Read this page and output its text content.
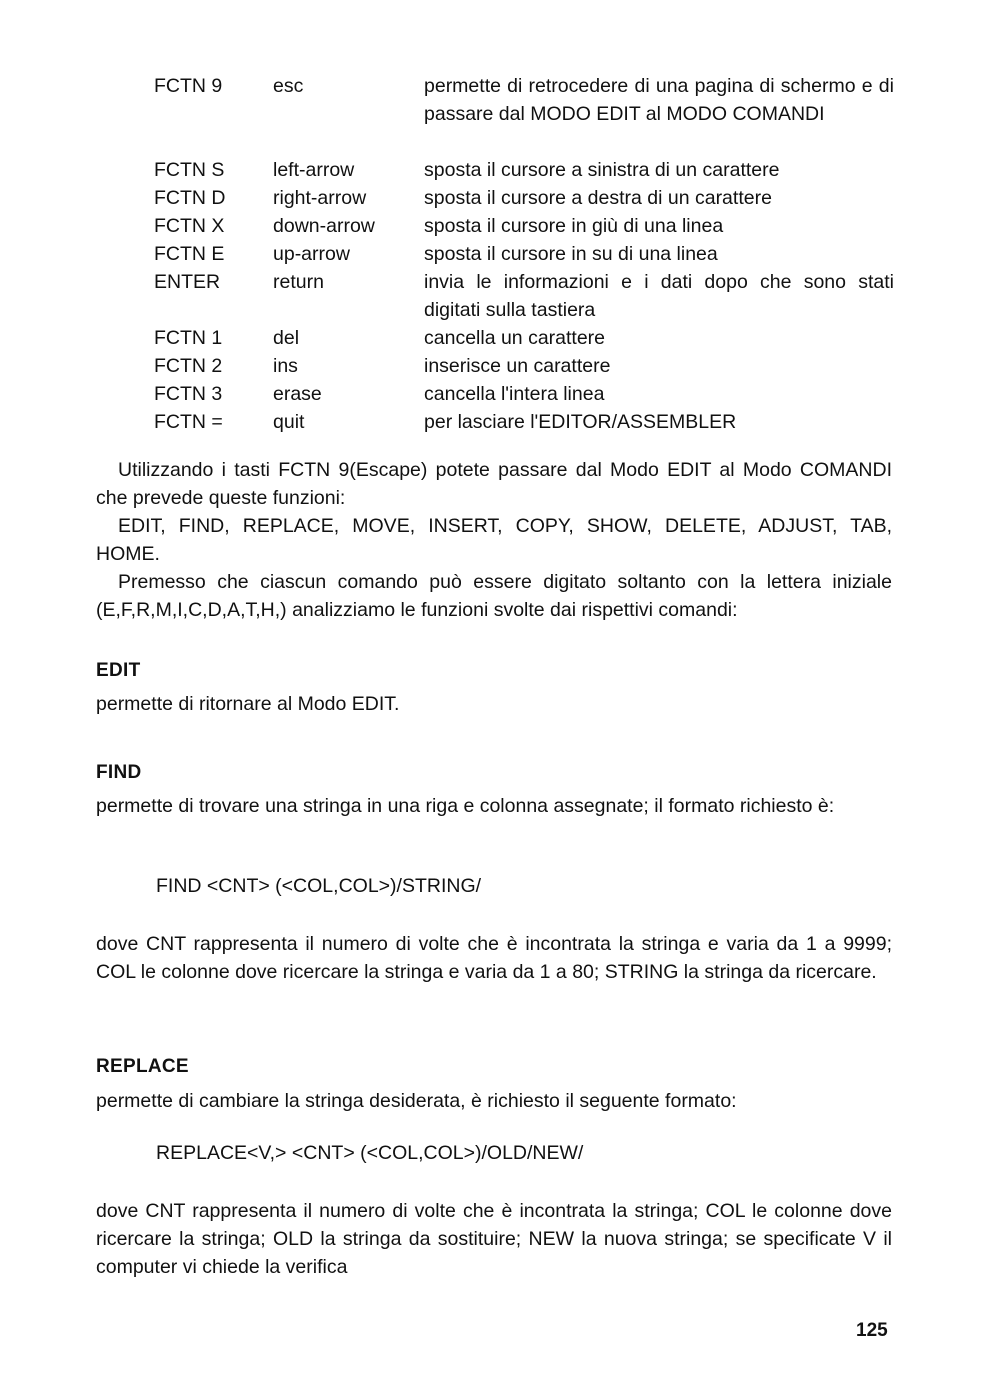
FCTN 9	esc	permette di retrocedere di una pagina di schermo e di passare dal MODO EDIT al MODO COMANDI
FCTN S	left-arrow	sposta il cursore a sinistra di un carattere
FCTN D	right-arrow	sposta il cursore a destra di un carattere
FCTN X	down-arrow	sposta il cursore in giù di una linea
FCTN E	up-arrow	sposta il cursore in su di una linea
ENTER	return	invia le informazioni e i dati dopo che sono stati digitati sulla tastiera
FCTN 1	del	cancella un carattere
FCTN 2	ins	inserisce un carattere
FCTN 3	erase	cancella l'intera linea
FCTN =	quit	per lasciare l'EDITOR/ASSEMBLER
Utilizzando i tasti FCTN 9(Escape) potete passare dal Modo EDIT al Modo COMANDI che prevede queste funzioni:
EDIT, FIND, REPLACE, MOVE, INSERT, COPY, SHOW, DELETE, ADJUST, TAB, HOME.
Premesso che ciascun comando può essere digitato soltanto con la lettera iniziale (E,F,R,M,I,C,D,A,T,H,) analizziamo le funzioni svolte dai rispettivi comandi:
EDIT
permette di ritornare al Modo EDIT.
FIND
permette di trovare una stringa in una riga e colonna assegnate; il formato richiesto è:
FIND <CNT> (<COL,COL>)/STRING/
dove CNT rappresenta il numero di volte che è incontrata la stringa e varia da 1 a 9999; COL le colonne dove ricercare la stringa e varia da 1 a 80; STRING la stringa da ricercare.
REPLACE
permette di cambiare la stringa desiderata, è richiesto il seguente formato:
REPLACE<V,> <CNT> (<COL,COL>)/OLD/NEW/
dove CNT rappresenta il numero di volte che è incontrata la stringa; COL le colonne dove ricercare la stringa; OLD la stringa da sostituire; NEW la nuova stringa; se specificate V il computer vi chiede la verifica
125
